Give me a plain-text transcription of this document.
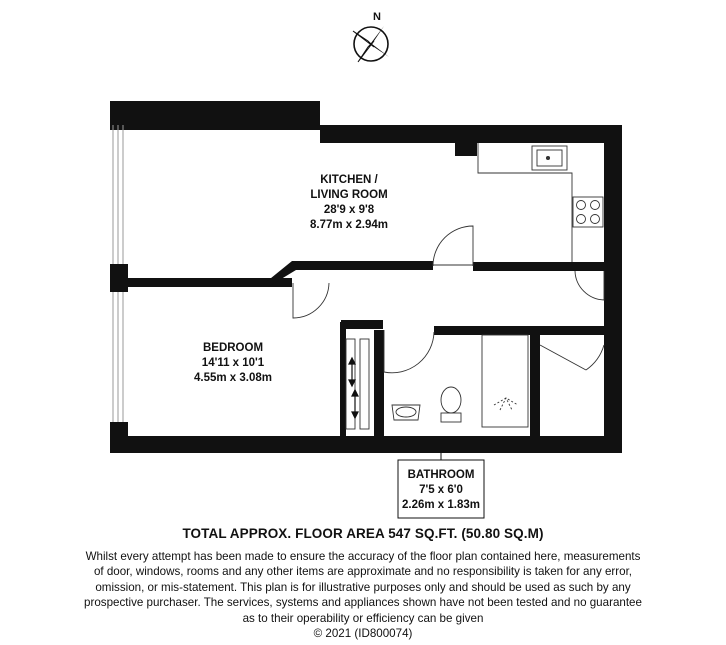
N
KITCHEN /
LIVING ROOM
28'9 x 9'8
8.77m x 2.94m
BEDROOM
14'11 x 10'1
4.55m x 3.08m
BATHROOM
7'5 x 6'0
2.26m x 1.83m
TOTAL APPROX. FLOOR AREA 547 SQ.FT. (50.80 SQ.M)
Whilst every attempt has been made to ensure the accuracy of the floor plan contained here, measurements
of door, windows, rooms and any other items are approximate and no responsibility is taken for any error,
omission, or mis-statement. This plan is for illustrative purposes only and should be used as such by any
prospective purchaser. The services, systems and appliances shown have not been tested and no guarantee
as to their operability or efficiency can be given
© 2021 (ID800074)
